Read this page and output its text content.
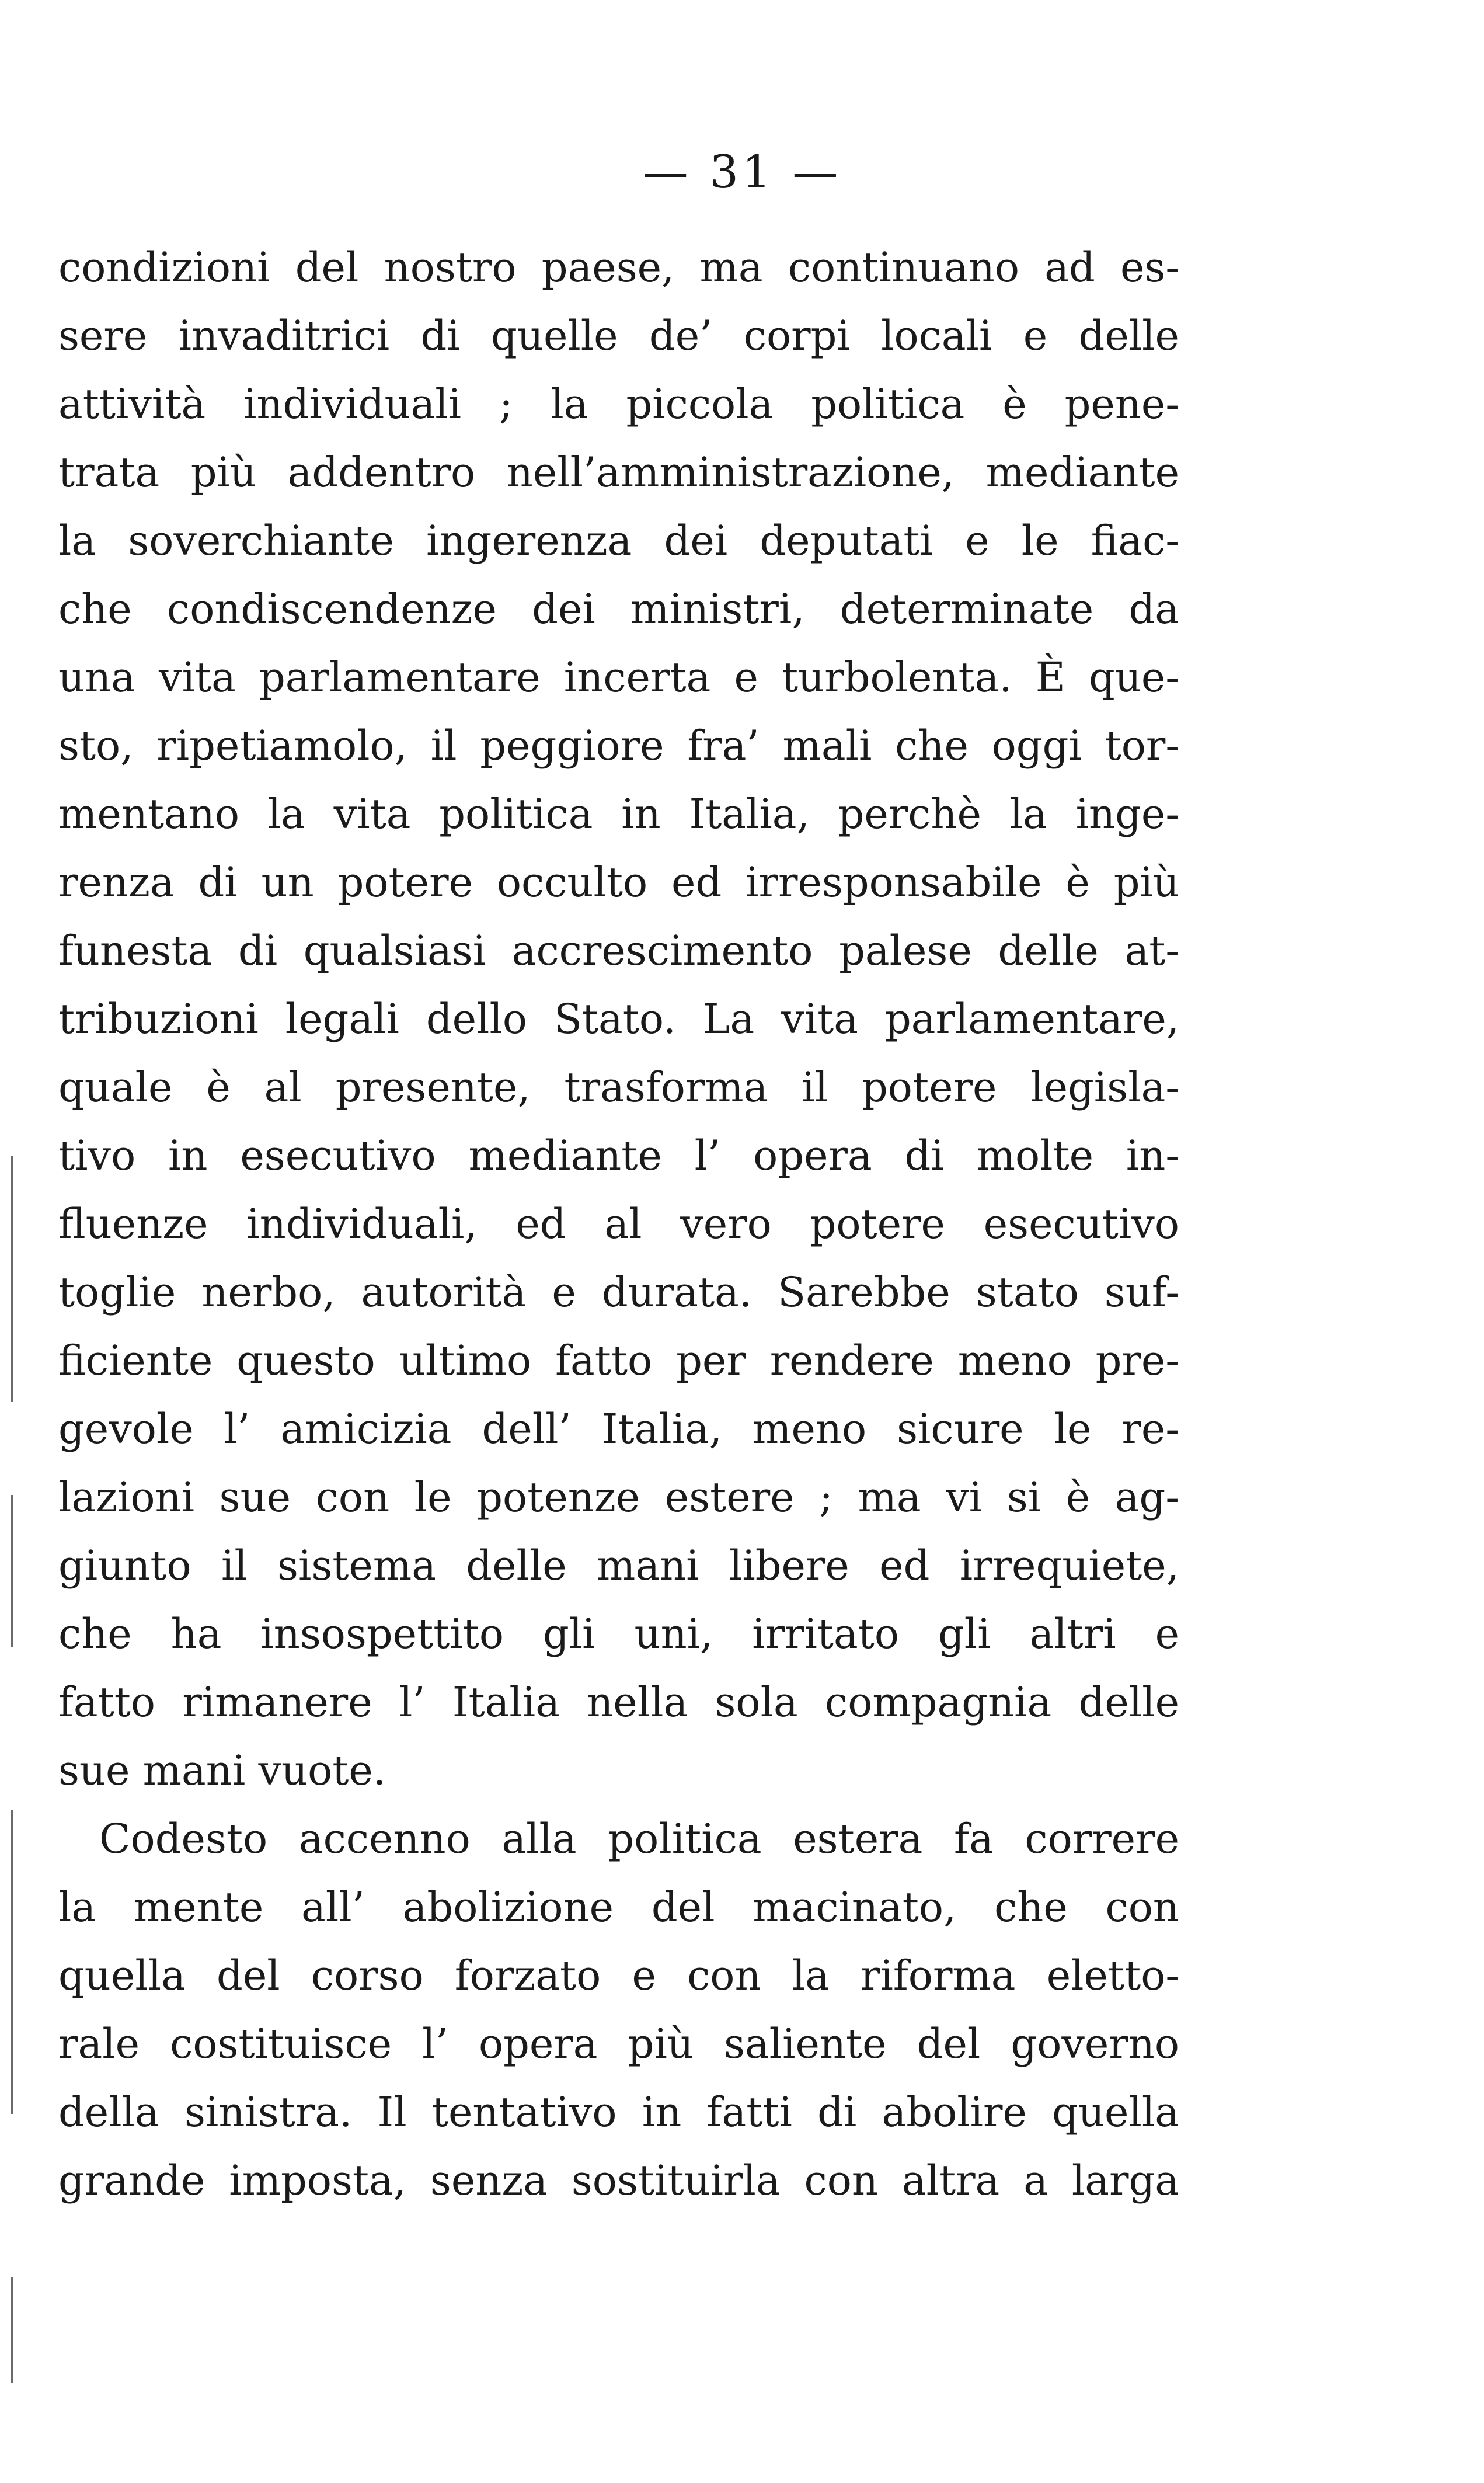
— 31 —
condizioni del nostro paese, ma continuano ad es-
sere invaditrici di quelle de’ corpi locali e delle
attività individuali ; la piccola politica è pene-
trata più addentro nell’amministrazione, mediante
la soverchiante ingerenza dei deputati e le fiac-
che condiscendenze dei ministri, determinate da
una vita parlamentare incerta e turbolenta. È que-
sto, ripetiamolo, il peggiore fra’ mali che oggi tor-
mentano la vita politica in Italia, perchè la inge-
renza di un potere occulto ed irresponsabile è più
funesta di qualsiasi accrescimento palese delle at-
tribuzioni legali dello Stato. La vita parlamentare,
quale è al presente, trasforma il potere legisla-
tivo in esecutivo mediante l’ opera di molte in-
fluenze individuali, ed al vero potere esecutivo
toglie nerbo, autorità e durata. Sarebbe stato suf-
ficiente questo ultimo fatto per rendere meno pre-
gevole l’ amicizia dell’ Italia, meno sicure le re-
lazioni sue con le potenze estere ; ma vi si è ag-
giunto il sistema delle mani libere ed irrequiete,
che ha insospettito gli uni, irritato gli altri e
fatto rimanere l’ Italia nella sola compagnia delle
sue mani vuote.
Codesto accenno alla politica estera fa correre
la mente all’ abolizione del macinato, che con
quella del corso forzato e con la riforma eletto-
rale costituisce l’ opera più saliente del governo
della sinistra. Il tentativo in fatti di abolire quella
grande imposta, senza sostituirla con altra a larga
